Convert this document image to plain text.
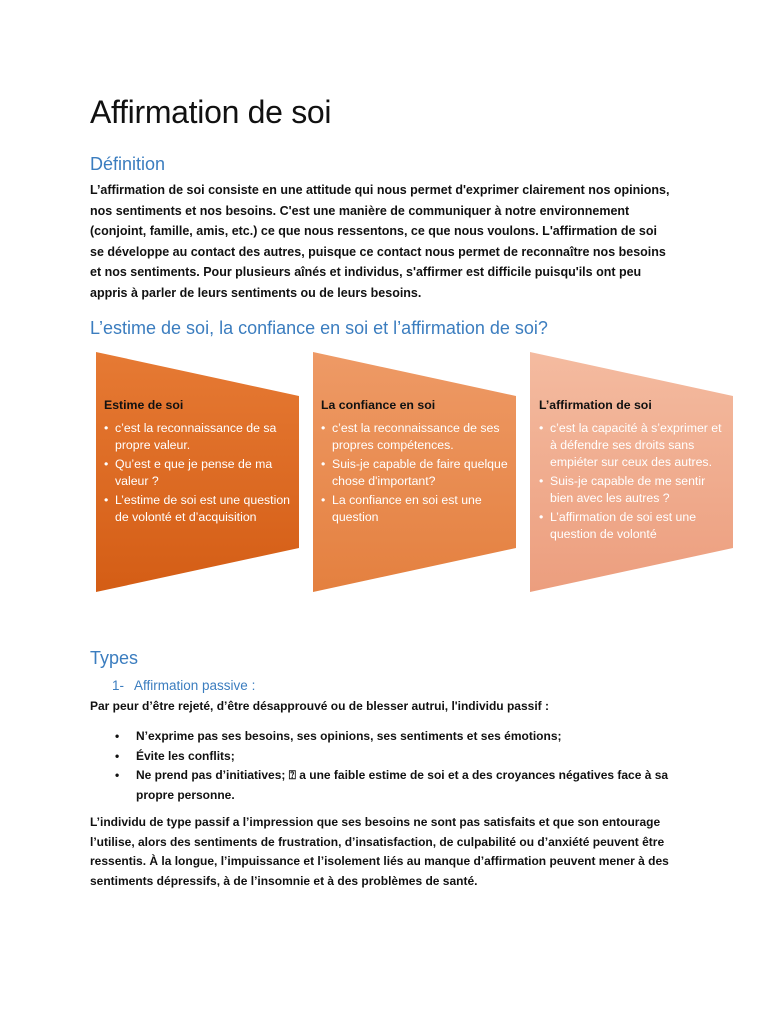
Affirmation de soi
Définition

L’affirmation de soi consiste en une attitude qui nous permet d'exprimer clairement nos opinions, nos sentiments et nos besoins. C'est une manière de communiquer à notre environnement (conjoint, famille, amis, etc.) ce que nous ressentons, ce que nous voulons. L'affirmation de soi se développe au contact des autres, puisque ce contact nous permet de reconnaître nos besoins et nos sentiments. Pour plusieurs aînés et individus, s'affirmer est difficile puisqu'ils ont peu appris à parler de leurs sentiments ou de leurs besoins.

L’estime de soi, la confiance en soi et l’affirmation de soi?
Estime de soi
• c’est la reconnaissance de sa propre valeur.
• Qu’est e que je pense de ma valeur ?
• L’estime de soi est une question de volonté et d’acquisition
La confiance en soi
• c’est la reconnaissance de ses propres compétences.
• Suis-je capable de faire quelque chose d'important?
• La confiance en soi est une question
L’affirmation de soi
• c’est la capacité à s’exprimer et à défendre ses droits sans empiéter sur ceux des autres.
• Suis-je capable de me sentir bien avec les autres ?
• L’affirmation de soi est une question de volonté
Types
1- Affirmation passive :

Par peur d’être rejeté, d’être désapprouvé ou de blesser autrui, l'individu passif :

• N’exprime pas ses besoins, ses opinions, ses sentiments et ses émotions;
• Évite les conflits;
• Ne prend pas d’initiatives; ⍰ a une faible estime de soi et a des croyances négatives face à sa propre personne.

L’individu de type passif a l’impression que ses besoins ne sont pas satisfaits et que son entourage l’utilise, alors des sentiments de frustration, d’insatisfaction, de culpabilité ou d’anxiété peuvent être ressentis. À la longue, l’impuissance et l’isolement liés au manque d’affirmation peuvent mener à des sentiments dépressifs, à de l’insomnie et à des problèmes de santé.
